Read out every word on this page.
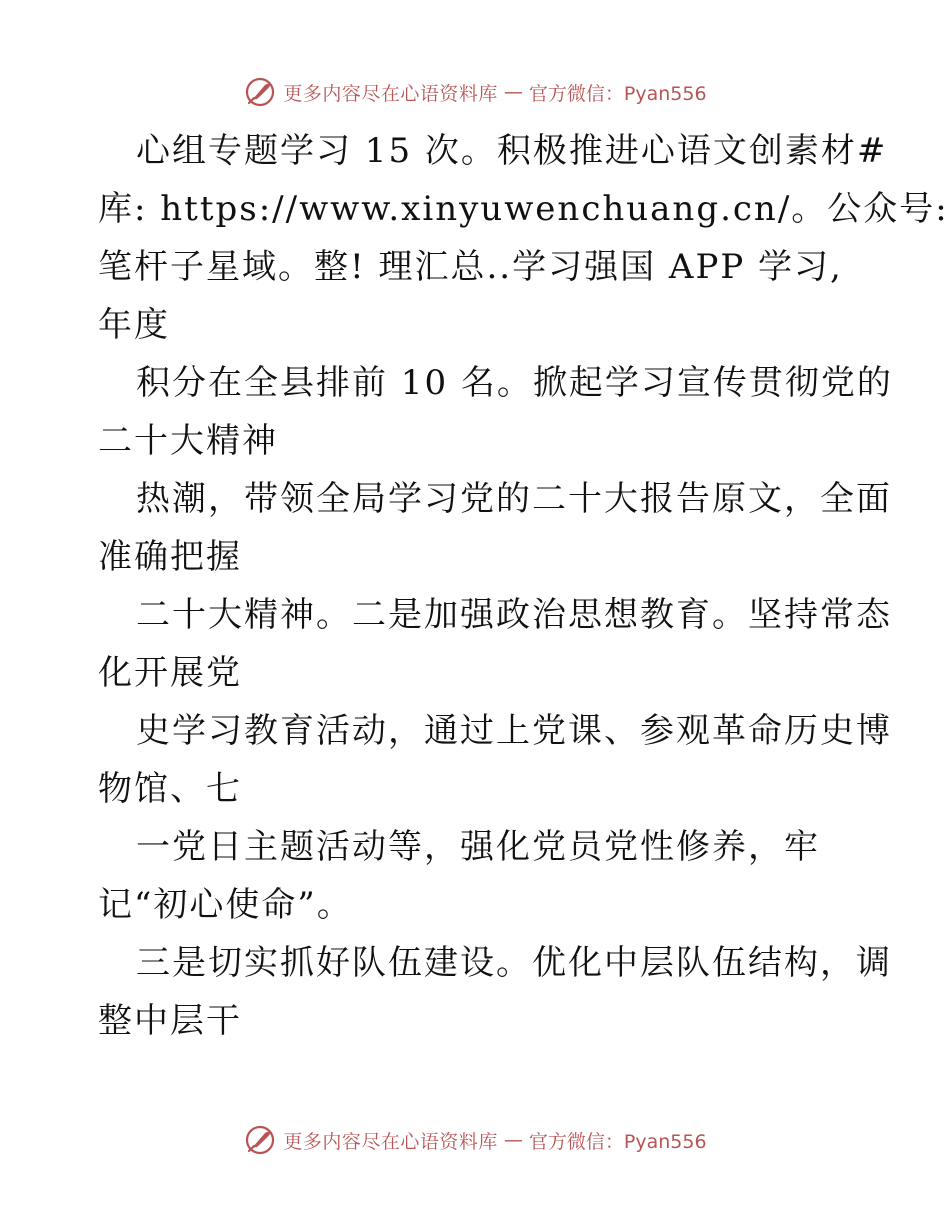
更多内容尽在心语资料库 — 官方微信：Pyan556
心组专题学习 15 次。积极推进心语文创素材#
库: https://www.xinyuwenchuang.cn/。公众号:
笔杆子星域。整! 理汇总..学习强国 APP 学习,
年度
积分在全县排前 10 名。掀起学习宣传贯彻党的
二十大精神
热潮，带领全局学习党的二十大报告原文，全面
准确把握
二十大精神。二是加强政治思想教育。坚持常态
化开展党
史学习教育活动，通过上党课、参观革命历史博
物馆、七
一党日主题活动等，强化党员党性修养，牢
记“初心使命”。
三是切实抓好队伍建设。优化中层队伍结构，调
整中层干
更多内容尽在心语资料库 — 官方微信：Pyan556
